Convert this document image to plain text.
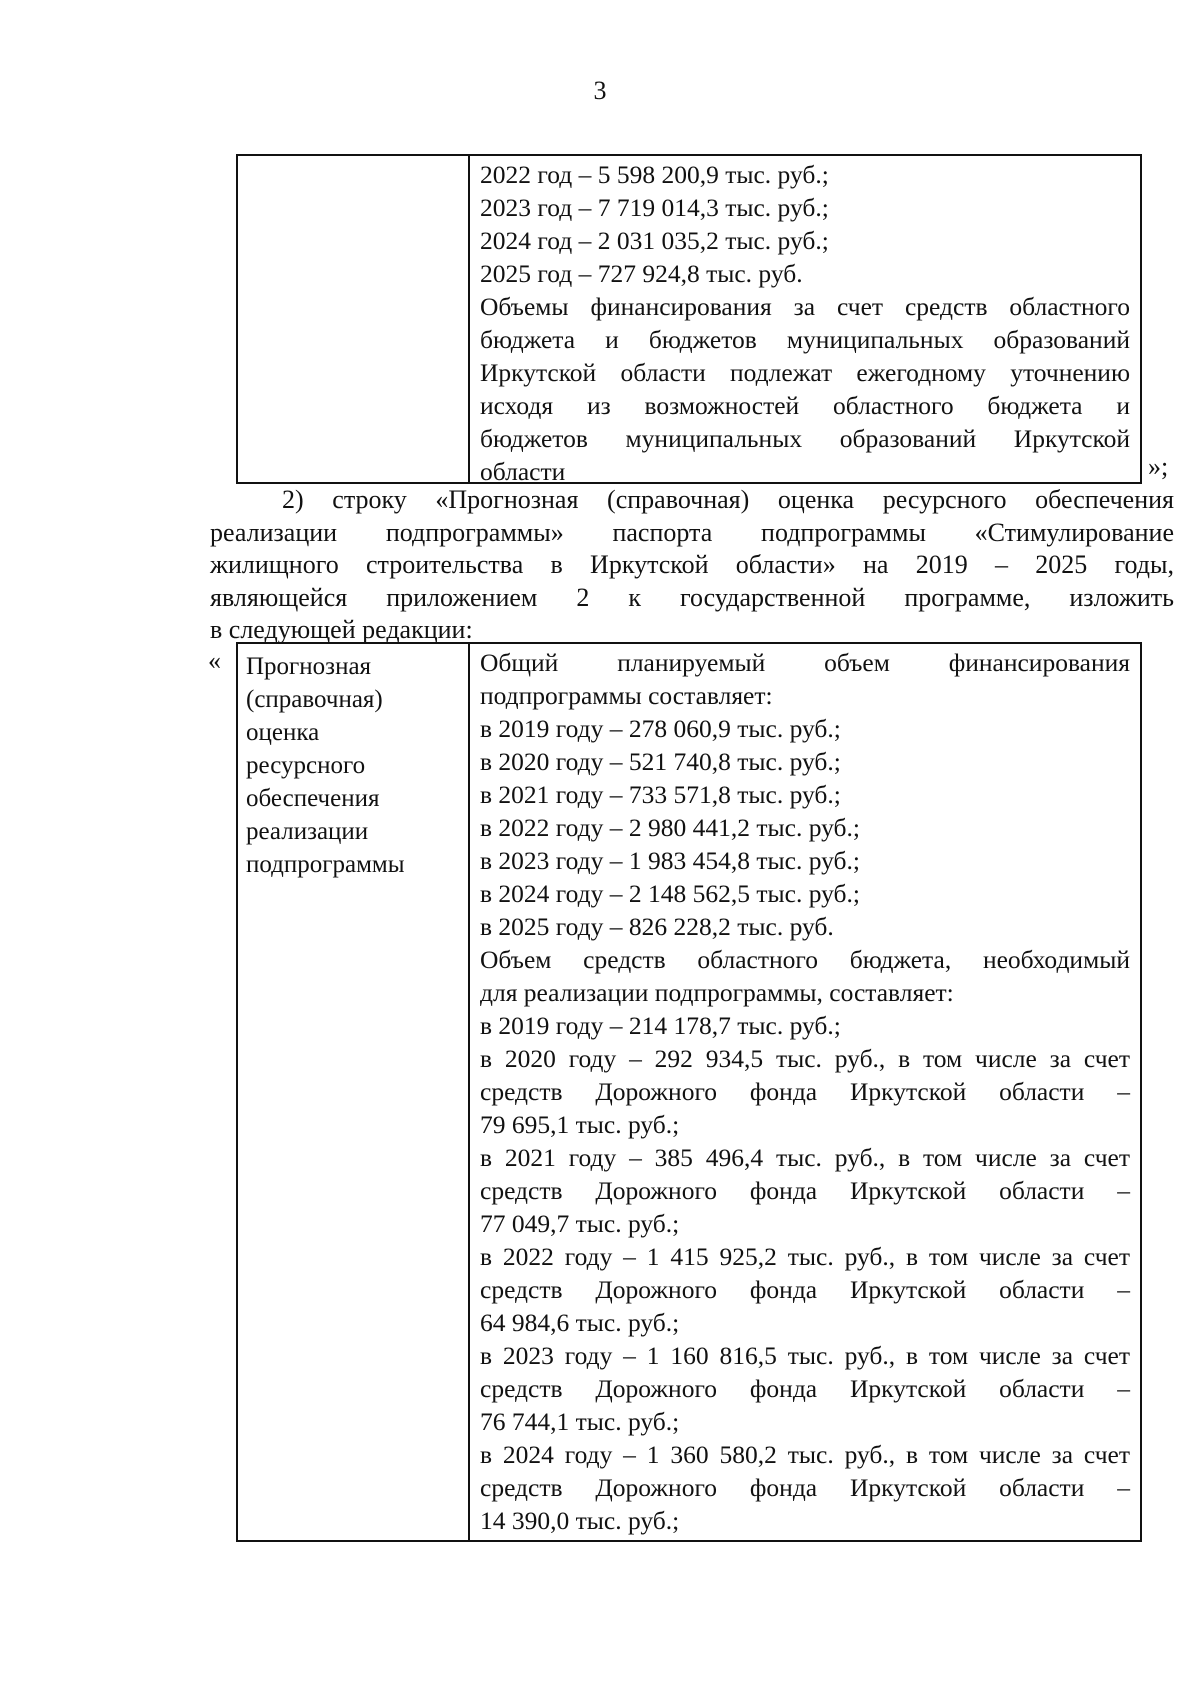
3
2022 год – 5 598 200,9 тыс. руб.;
2023 год – 7 719 014,3 тыс. руб.;
2024 год – 2 031 035,2 тыс. руб.;
2025 год – 727 924,8 тыс. руб.
Объемы финансирования за счет средств областного
бюджета и бюджетов муниципальных образований
Иркутской области подлежат ежегодному уточнению
исходя из возможностей областного бюджета и
бюджетов муниципальных образований Иркутской
области	»;
2) строку «Прогнозная (справочная) оценка ресурсного обеспечения
реализации подпрограммы» паспорта подпрограммы «Стимулирование
жилищного строительства в Иркутской области» на 2019 – 2025 годы,
являющейся приложением 2 к государственной программе, изложить
в следующей редакции:
« Прогнозная
(справочная)
оценка
ресурсного
обеспечения
реализации
подпрограммы
Общий планируемый объем финансирования
подпрограммы составляет:
в 2019 году – 278 060,9 тыс. руб.;
в 2020 году – 521 740,8 тыс. руб.;
в 2021 году – 733 571,8 тыс. руб.;
в 2022 году – 2 980 441,2 тыс. руб.;
в 2023 году – 1 983 454,8 тыс. руб.;
в 2024 году – 2 148 562,5 тыс. руб.;
в 2025 году – 826 228,2 тыс. руб.
Объем средств областного бюджета, необходимый
для реализации подпрограммы, составляет:
в 2019 году – 214 178,7 тыс. руб.;
в 2020 году – 292 934,5 тыс. руб., в том числе за счет
средств Дорожного фонда Иркутской области –
79 695,1 тыс. руб.;
в 2021 году – 385 496,4 тыс. руб., в том числе за счет
средств Дорожного фонда Иркутской области –
77 049,7 тыс. руб.;
в 2022 году – 1 415 925,2 тыс. руб., в том числе за счет
средств Дорожного фонда Иркутской области –
64 984,6 тыс. руб.;
в 2023 году – 1 160 816,5 тыс. руб., в том числе за счет
средств Дорожного фонда Иркутской области –
76 744,1 тыс. руб.;
в 2024 году – 1 360 580,2 тыс. руб., в том числе за счет
средств Дорожного фонда Иркутской области –
14 390,0 тыс. руб.;
